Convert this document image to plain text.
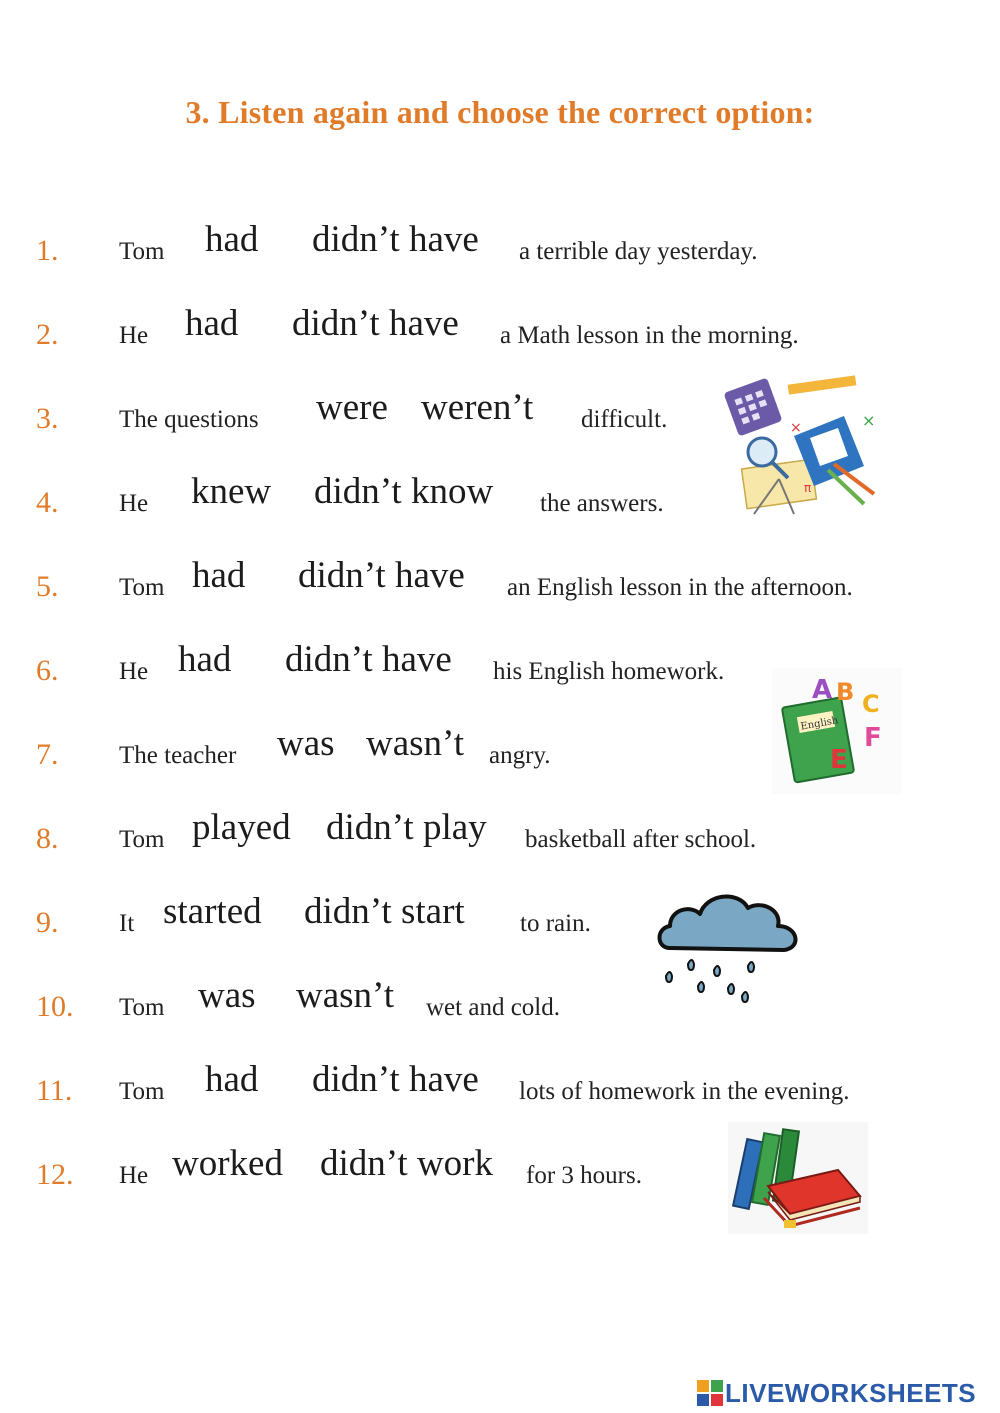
3. Listen again and choose the correct option:
1. Tom had didn’t have a terrible day yesterday.
2. He had didn’t have a Math lesson in the morning.
3. The questions were weren’t difficult.
4. He knew didn’t know the answers.
5. Tom had didn’t have an English lesson in the afternoon.
6. He had didn’t have his English homework.
7. The teacher was wasn’t angry.
8. Tom played didn’t play basketball after school.
9. It started didn’t start to rain.
10. Tom was wasn’t wet and cold.
11. Tom had didn’t have lots of homework in the evening.
12. He worked didn’t work for 3 hours.
×	×
π
English
A B C
E
F
LIVEWORKSHEETS
